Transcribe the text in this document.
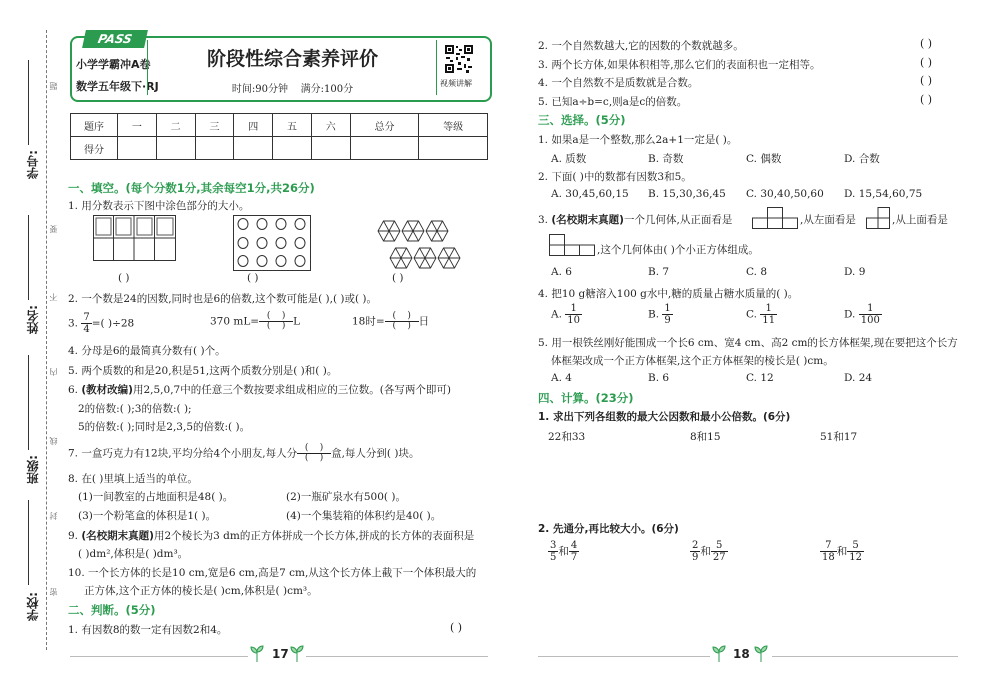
学号:
姓名:
班级:
学校:
题
要
不
内
线
封
密
PASS
小学学霸冲A卷
数学五年级下·RJ
阶段性综合素养评价
时间:90分钟 满分:100分
视频讲解
题序	一	二	三	四	五	六	总分	等级
得分								
一、填空。(每个分数1分,其余每空1分,共26分)
1. 用分数表示下图中涂色部分的大小。
( )	( )	( )
2. 一个数是24的因数,同时也是6的倍数,这个数可能是( ),( )或( )。
3. $\frac{7}{4}$ =( )÷28	370 mL= (    )
(    ) L	18时= (    )
(    ) 日
4. 分母是6的最简真分数有( )个。
5. 两个质数的和是20,积是51,这两个质数分别是( )和( )。
6. (教材改编)用2,5,0,7中的任意三个数按要求组成相应的三位数。(各写两个即可)
2的倍数:( );3的倍数:( );
5的倍数:( );同时是2,3,5的倍数:( )。
7. 一盒巧克力有12块,平均分给4个小朋友,每人分 (    )
(    ) 盒,每人分到( )块。
8. 在( )里填上适当的单位。
(1)一间教室的占地面积是48( )。	(2)一瓶矿泉水有500( )。
(3)一个粉笔盒的体积是1( )。	(4)一个集装箱的体积约是40( )。
9. (名校期末真题)用2个棱长为3 dm的正方体拼成一个长方体,拼成的长方体的表面积是
( )dm²,体积是( )dm³。
10. 一个长方体的长是10 cm,宽是6 cm,高是7 cm,从这个长方体上截下一个体积最大的
正方体,这个正方体的棱长是( )cm,体积是( )cm³。
二、判断。(5分)
1. 有因数8的数一定有因数2和4。	( )
17
2. 一个自然数越大,它的因数的个数就越多。	( )
3. 两个长方体,如果体积相等,那么它们的表面积也一定相等。	( )
4. 一个自然数不是质数就是合数。	( )
5. 已知a÷b=c,则a是c的倍数。	( )
三、选择。(5分)
1. 如果a是一个整数,那么2a+1一定是( )。
A. 质数	B. 奇数	C. 偶数	D. 合数
2. 下面( )中的数都有因数3和5。
A. 30,45,60,15 B. 15,30,36,45 C. 30,40,50,60 D. 15,54,60,75
3. (名校期末真题)一个几何体,从正面看是	,从左面看是	,从上面看是
,这个几何体由( )个小正方体组成。
A. 6	B. 7	C. 8	D. 9
4. 把10 g糖溶入100 g水中,糖的质量占糖水质量的( )。
A. $\frac{1}{10}$	B. $\frac{1}{9}$	C. $\frac{1}{11}$	D. $\frac{1}{100}$
5. 用一根铁丝刚好能围成一个长6 cm、宽4 cm、高2 cm的长方体框架,现在要把这个长方
体框架改成一个正方体框架,这个正方体框架的棱长是( )cm。
A. 4	B. 6	C. 12	D. 24
四、计算。(23分)
1. 求出下列各组数的最大公因数和最小公倍数。(6分)
22和33	8和15	51和17
2. 先通分,再比较大小。(6分)
$\frac{3}{5}$ 和 $\frac{4}{7}$	$\frac{2}{9}$ 和 $\frac{5}{27}$	$\frac{7}{18}$ 和 $\frac{5}{12}$
18
